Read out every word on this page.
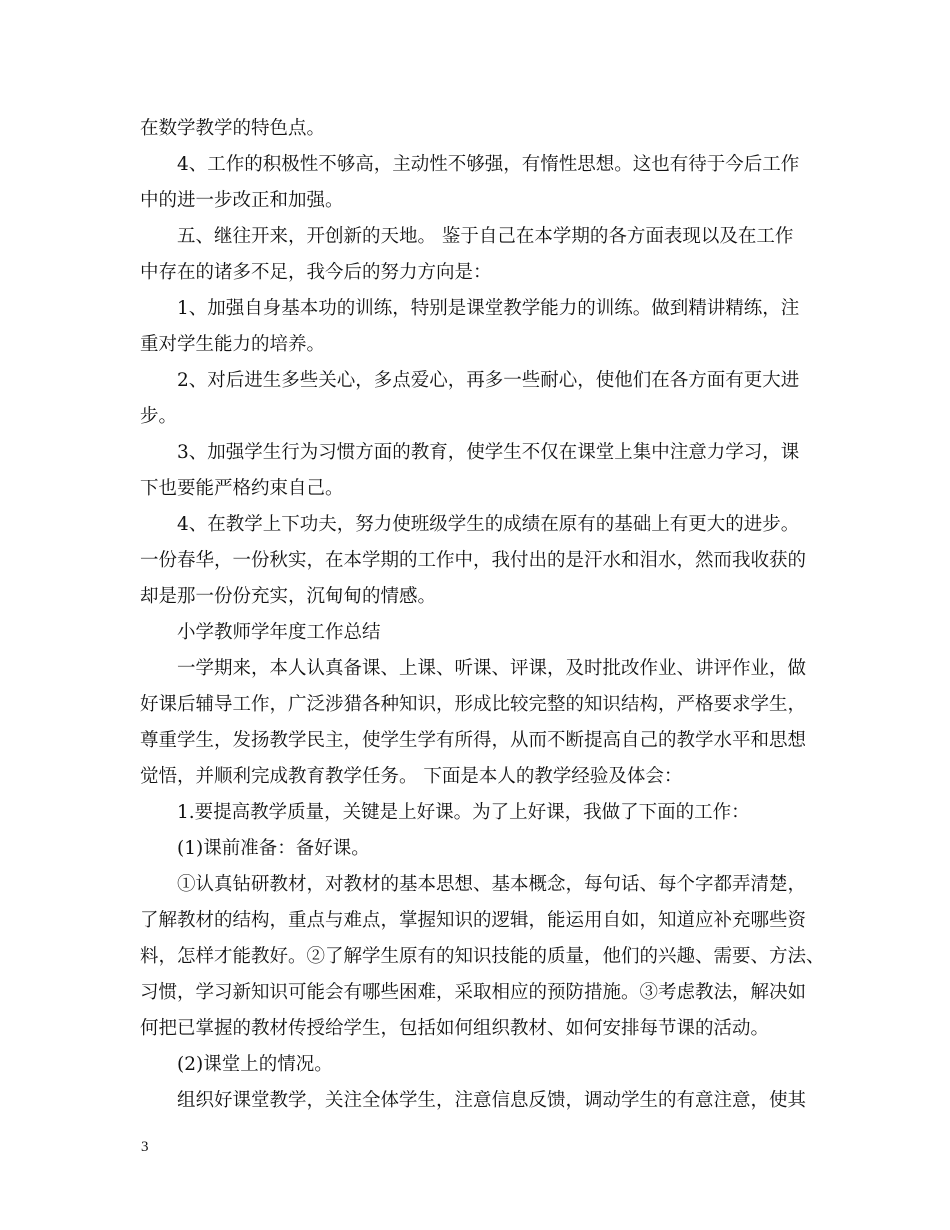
在数学教学的特色点。
4、工作的积极性不够高，主动性不够强，有惰性思想。这也有待于今后工作
中的进一步改正和加强。
五、继往开来，开创新的天地。 鉴于自己在本学期的各方面表现以及在工作
中存在的诸多不足，我今后的努力方向是：
1、加强自身基本功的训练，特别是课堂教学能力的训练。做到精讲精练，注
重对学生能力的培养。
2、对后进生多些关心，多点爱心，再多一些耐心，使他们在各方面有更大进
步。
3、加强学生行为习惯方面的教育，使学生不仅在课堂上集中注意力学习，课
下也要能严格约束自己。
4、在教学上下功夫，努力使班级学生的成绩在原有的基础上有更大的进步。
一份春华，一份秋实，在本学期的工作中，我付出的是汗水和泪水，然而我收获的
却是那一份份充实，沉甸甸的情感。
小学教师学年度工作总结
一学期来，本人认真备课、上课、听课、评课，及时批改作业、讲评作业，做
好课后辅导工作，广泛涉猎各种知识，形成比较完整的知识结构，严格要求学生，
尊重学生，发扬教学民主，使学生学有所得，从而不断提高自己的教学水平和思想
觉悟，并顺利完成教育教学任务。 下面是本人的教学经验及体会：
1.要提高教学质量，关键是上好课。为了上好课，我做了下面的工作：
(1)课前准备：备好课。
①认真钻研教材，对教材的基本思想、基本概念，每句话、每个字都弄清楚，
了解教材的结构，重点与难点，掌握知识的逻辑，能运用自如，知道应补充哪些资
料，怎样才能教好。②了解学生原有的知识技能的质量，他们的兴趣、需要、方法、
习惯，学习新知识可能会有哪些困难，采取相应的预防措施。③考虑教法，解决如
何把已掌握的教材传授给学生，包括如何组织教材、如何安排每节课的活动。
(2)课堂上的情况。
组织好课堂教学，关注全体学生，注意信息反馈，调动学生的有意注意，使其
3
